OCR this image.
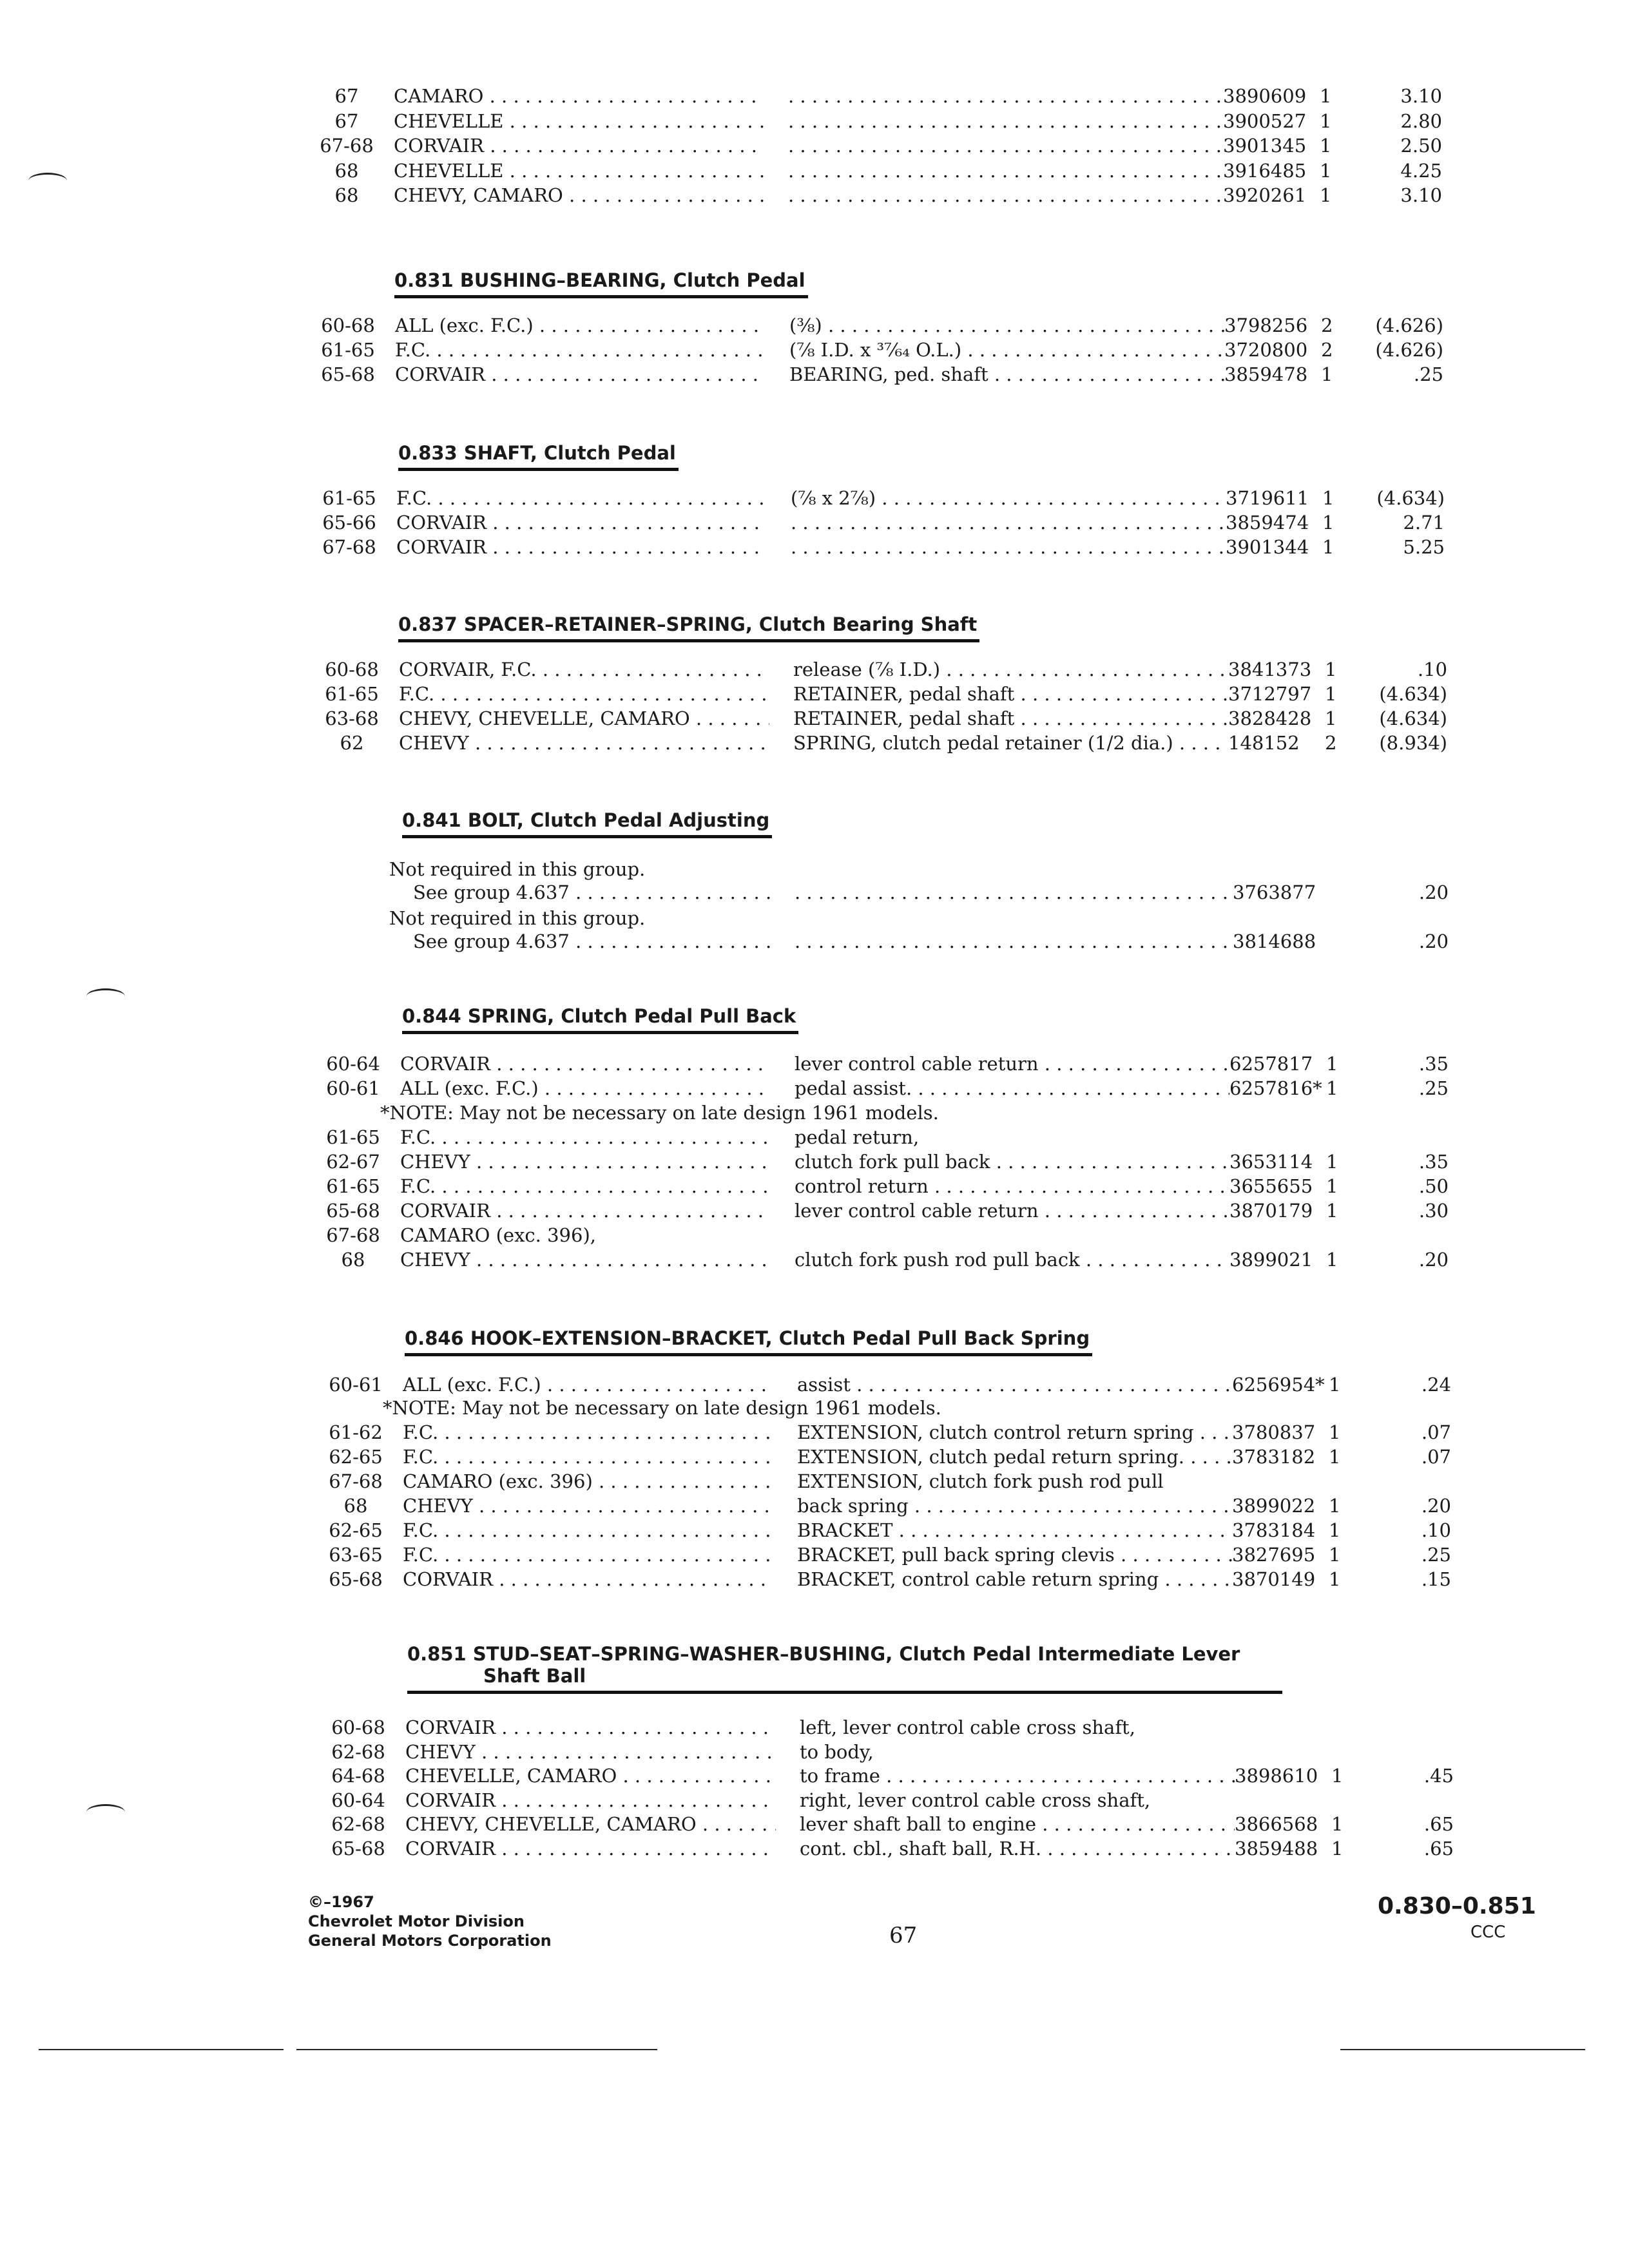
67	CAMARO . . . . . .	3890609 1	3.10
67	CHEVELLE . . . . . .	3900527 1	2.80
67-68	CORVAIR . . . . . .	3901345 1	2.50
68	CHEVELLE . . . . . .	3916485 1	4.25
68	CHEVY, CAMARO . . . . . .	3920261 1	3.10
60-68	ALL (exc. F.C.) . . .	(⅜) . . .	3798256 2	(4.626)
61-65	F.C. . . .	(⅞ I.D. x ³⁷⁄₆₄ O.L.) . . .	3720800 2	(4.626)
65-68	CORVAIR . . .	BEARING, ped. shaft . . .	3859478 1	.25
61-65	F.C. . . .	(⅞ x 2⅞) . . .	3719611 1	(4.634)
65-66	CORVAIR . . . . . .	3859474 1	2.71
67-68	CORVAIR . . . . . .	3901344 1	5.25
60-68	CORVAIR, F.C. . . .	release (⅞ I.D.) . . .	3841373 1	.10
61-65	F.C. . . .	RETAINER, pedal shaft . . .	3712797 1	(4.634)
63-68	CHEVY, CHEVELLE, CAMARO . . .	RETAINER, pedal shaft . . .	3828428 1	(4.634)
62	CHEVY . . .	SPRING, clutch pedal retainer (1/2 dia.) . . .	148152	2	(8.934)
60-64	CORVAIR . . .	lever control cable return . . .	6257817 1	.35
60-61	ALL (exc. F.C.) . . .	pedal assist. . . .	6257816* 1	.25
61-65	F.C. . . .	pedal return,
62-67	CHEVY . . .	clutch fork pull back . . .	3653114 1	.35
61-65	F.C. . . .	control return . . .	3655655 1	.50
65-68	CORVAIR . . .	lever control cable return . . .	3870179 1	.30
67-68	CAMARO (exc. 396),
68	CHEVY . . .	clutch fork push rod pull back . . .	3899021 1	.20
60-61	ALL (exc. F.C.) . . .	assist . . .	6256954* 1	.24
61-62	F.C. . . .	EXTENSION, clutch control return spring . . .	3780837 1	.07
62-65	F.C. . . .	EXTENSION, clutch pedal return spring. . . .	3783182 1	.07
67-68	CAMARO (exc. 396) . . .	EXTENSION, clutch fork push rod pull
68	CHEVY . . .	back spring . . .	3899022 1	.20
62-65	F.C. . . .	BRACKET . . .	3783184 1	.10
63-65	F.C. . . .	BRACKET, pull back spring clevis . . .	3827695 1	.25
65-68	CORVAIR . . .	BRACKET, control cable return spring . . .	3870149 1	.15
60-68	CORVAIR . . .	left, lever control cable cross shaft,
62-68	CHEVY . . .	to body,
64-68	CHEVELLE, CAMARO . . .	to frame . . .	3898610 1	.45
60-64	CORVAIR . . .	right, lever control cable cross shaft,
62-68	CHEVY, CHEVELLE, CAMARO . . .	lever shaft ball to engine . . .	3866568 1	.65
65-68	CORVAIR . . .	cont. cbl., shaft ball, R.H. . . .	3859488 1	.65
0.831 BUSHING–BEARING, Clutch Pedal
0.833 SHAFT, Clutch Pedal
0.837 SPACER–RETAINER–SPRING, Clutch Bearing Shaft
0.841 BOLT, Clutch Pedal Adjusting
0.844 SPRING, Clutch Pedal Pull Back
0.846 HOOK–EXTENSION–BRACKET, Clutch Pedal Pull Back Spring
0.851 STUD–SEAT–SPRING–WASHER–BUSHING, Clutch Pedal Intermediate Lever
Shaft Ball
Not required in this group.
See group 4.637 . . . . . .	3763877	.20
Not required in this group.
See group 4.637 . . . . . .	3814688	.20
*NOTE: May not be necessary on late design 1961 models.
*NOTE: May not be necessary on late design 1961 models.
©–1967
Chevrolet Motor Division
General Motors Corporation	67
0.830–0.851
CCC
